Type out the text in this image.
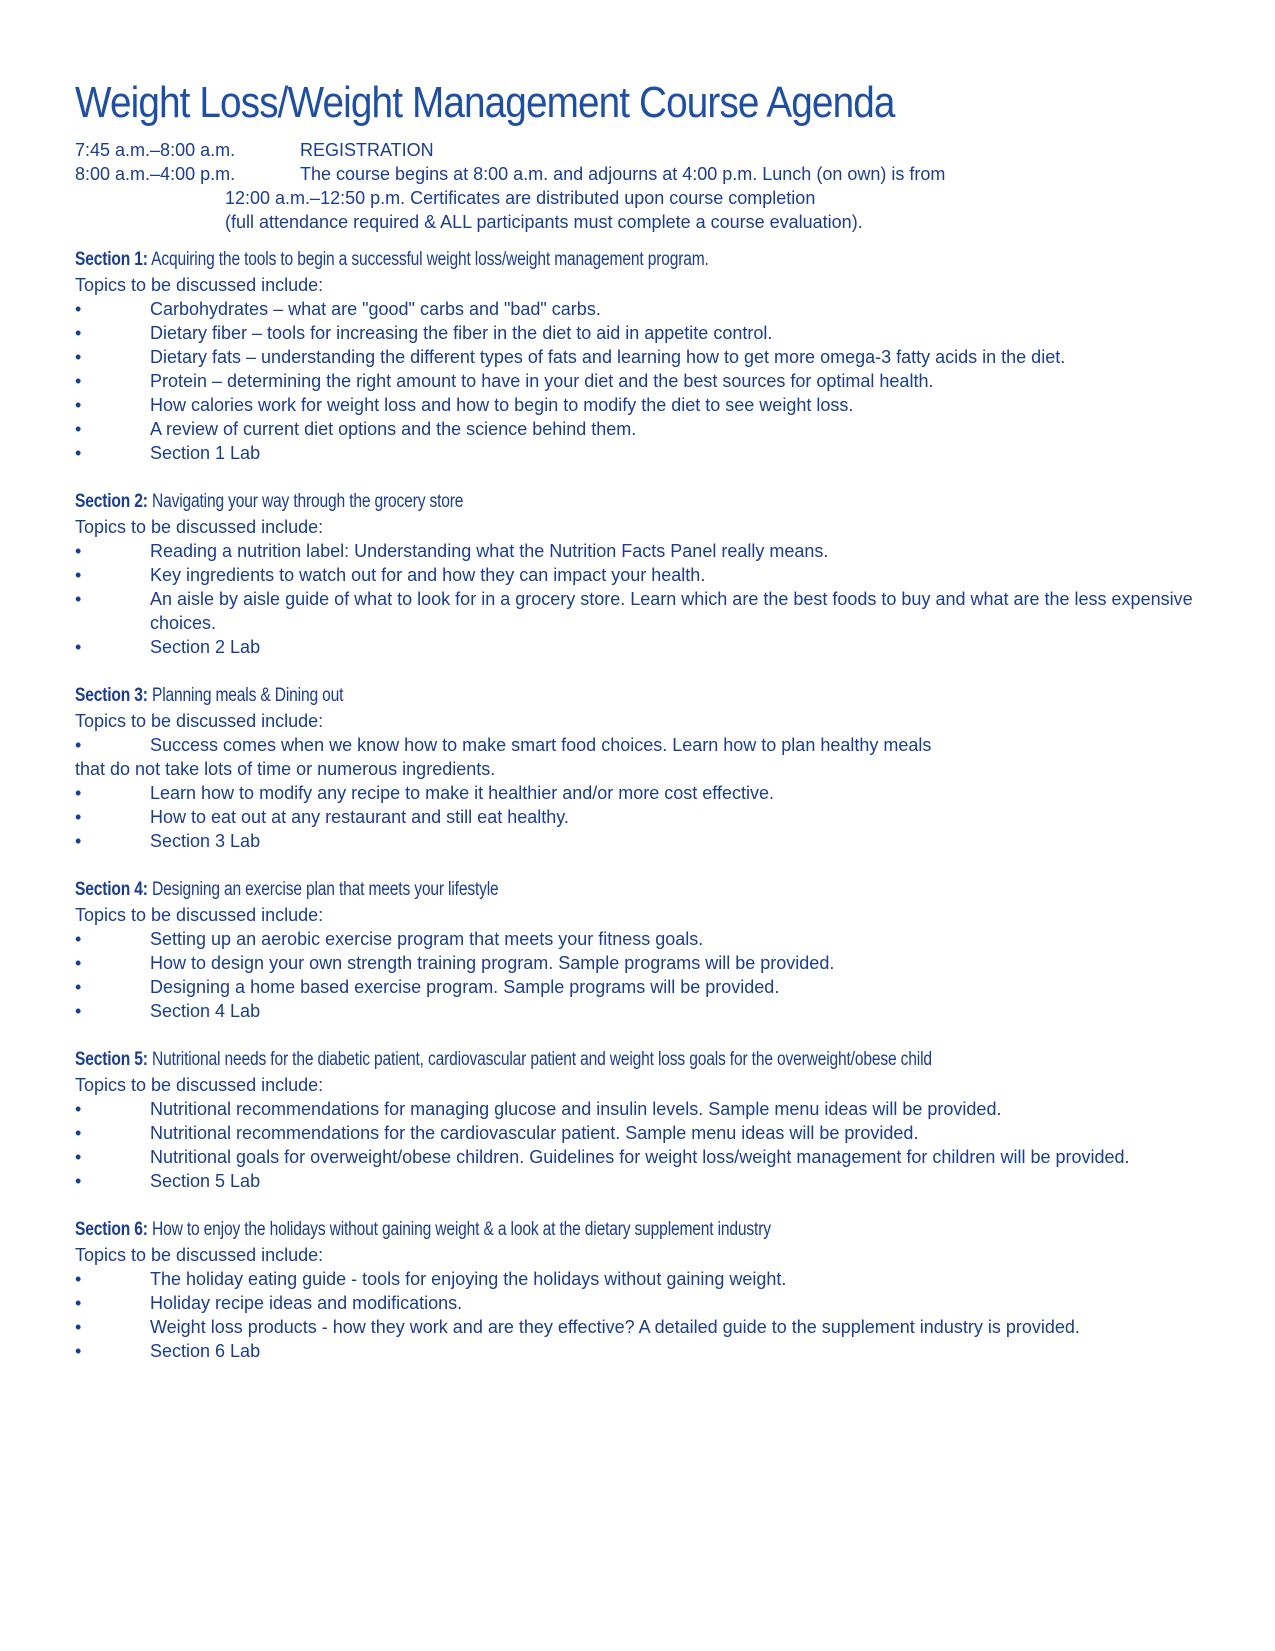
Weight Loss/Weight Management Course Agenda
7:45 a.m.–8:00 a.m.	REGISTRATION
8:00 a.m.–4:00 p.m.	The course begins at 8:00 a.m. and adjourns at 4:00 p.m. Lunch (on own) is from
12:00 a.m.–12:50 p.m. Certificates are distributed upon course completion
(full attendance required & ALL participants must complete a course evaluation).
Section 1: Acquiring the tools to begin a successful weight loss/weight management program.
Topics to be discussed include:
•	Carbohydrates – what are "good" carbs and "bad" carbs.
•	Dietary fiber – tools for increasing the fiber in the diet to aid in appetite control.
•	Dietary fats – understanding the different types of fats and learning how to get more omega-3 fatty acids in the diet.
•	Protein – determining the right amount to have in your diet and the best sources for optimal health.
•	How calories work for weight loss and how to begin to modify the diet to see weight loss.
•	A review of current diet options and the science behind them.
•	Section 1 Lab
Section 2: Navigating your way through the grocery store
Topics to be discussed include:
•	Reading a nutrition label: Understanding what the Nutrition Facts Panel really means.
•	Key ingredients to watch out for and how they can impact your health.
•	An aisle by aisle guide of what to look for in a grocery store. Learn which are the best foods to buy and what are the less expensive choices.
•	Section 2 Lab
Section 3: Planning meals & Dining out
Topics to be discussed include:
•	Success comes when we know how to make smart food choices. Learn how to plan healthy meals
that do not take lots of time or numerous ingredients.
•	Learn how to modify any recipe to make it healthier and/or more cost effective.
•	How to eat out at any restaurant and still eat healthy.
•	Section 3 Lab
Section 4: Designing an exercise plan that meets your lifestyle
Topics to be discussed include:
•	Setting up an aerobic exercise program that meets your fitness goals.
•	How to design your own strength training program. Sample programs will be provided.
•	Designing a home based exercise program. Sample programs will be provided.
•	Section 4 Lab
Section 5: Nutritional needs for the diabetic patient, cardiovascular patient and weight loss goals for the overweight/obese child
Topics to be discussed include:
•	Nutritional recommendations for managing glucose and insulin levels. Sample menu ideas will be provided.
•	Nutritional recommendations for the cardiovascular patient. Sample menu ideas will be provided.
•	Nutritional goals for overweight/obese children. Guidelines for weight loss/weight management for children will be provided.
•	Section 5 Lab
Section 6: How to enjoy the holidays without gaining weight & a look at the dietary supplement industry
Topics to be discussed include:
•	The holiday eating guide - tools for enjoying the holidays without gaining weight.
•	Holiday recipe ideas and modifications.
•	Weight loss products - how they work and are they effective? A detailed guide to the supplement industry is provided.
•	Section 6 Lab
